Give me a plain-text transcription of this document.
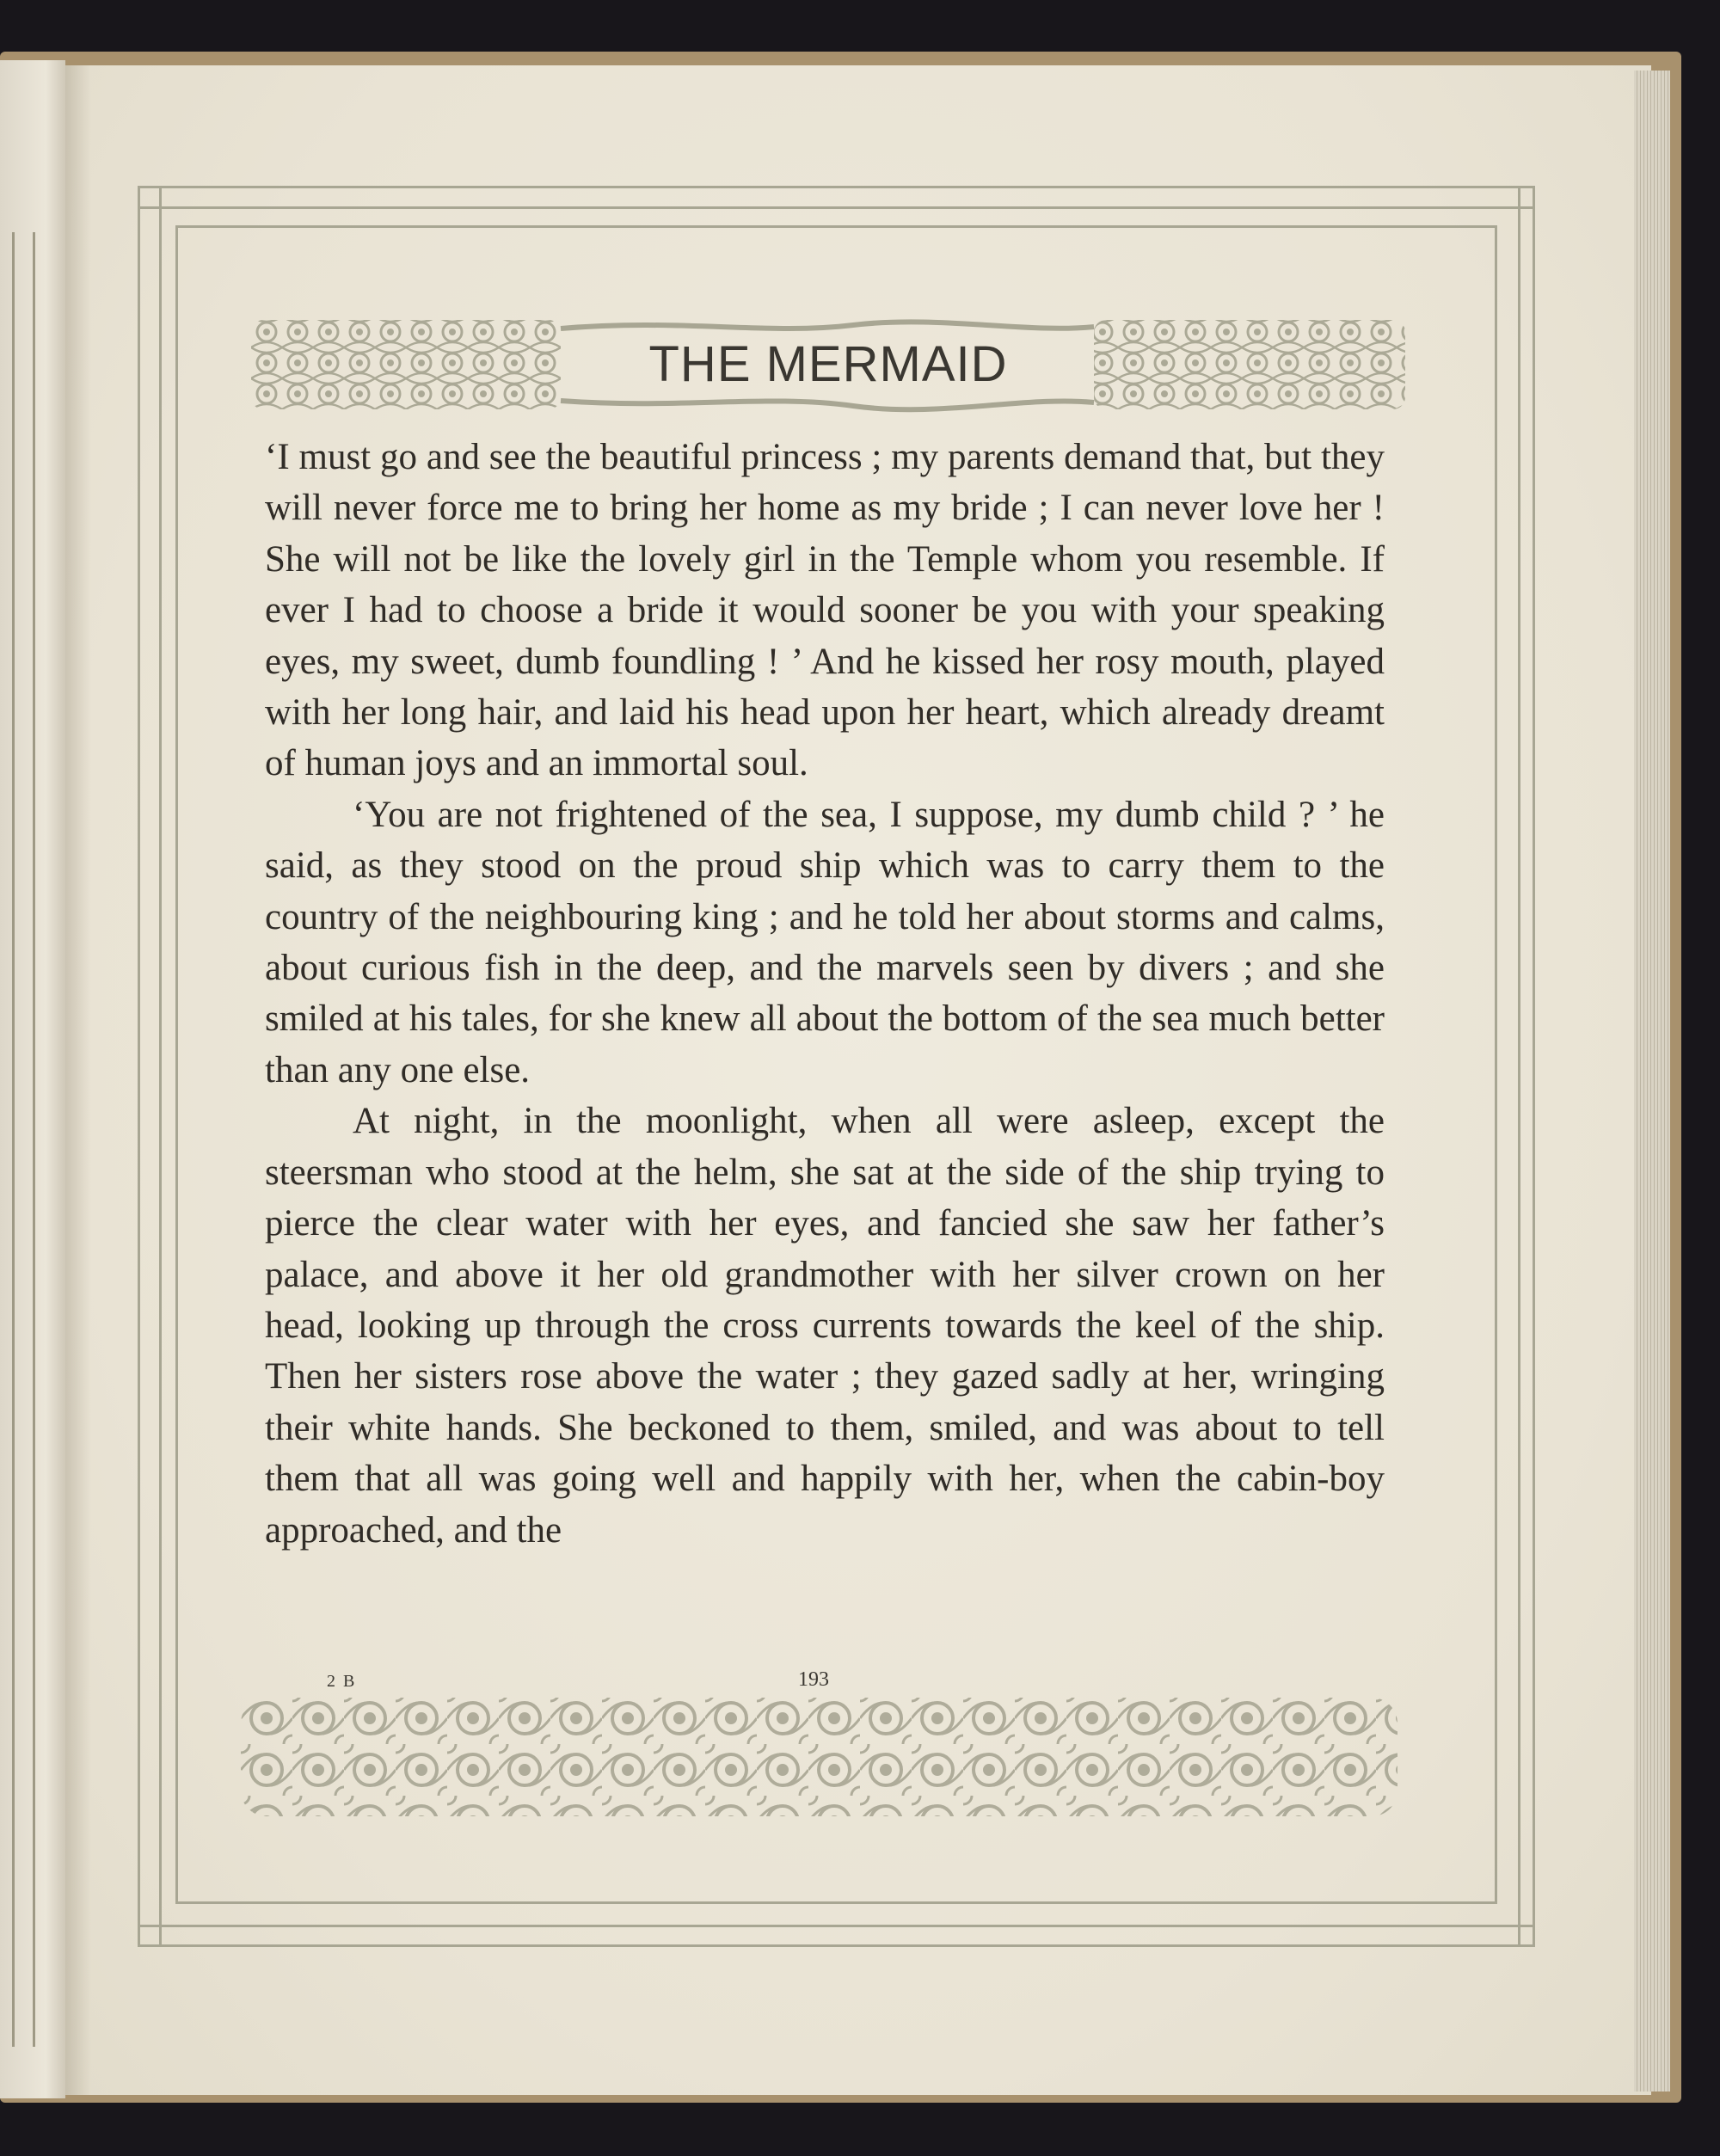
THE MERMAID

‘I must go and see the beautiful princess ; my parents demand that, but they will never force me to bring her home as my bride ; I can never love her ! She will not be like the lovely girl in the Temple whom you resemble. If ever I had to choose a bride it would sooner be you with your speaking eyes, my sweet, dumb foundling ! ’ And he kissed her rosy mouth, played with her long hair, and laid his head upon her heart, which already dreamt of human joys and an immortal soul.

‘You are not frightened of the sea, I suppose, my dumb child ? ’ he said, as they stood on the proud ship which was to carry them to the country of the neighbouring king ; and he told her about storms and calms, about curious fish in the deep, and the marvels seen by divers ; and she smiled at his tales, for she knew all about the bottom of the sea much better than any one else.

At night, in the moonlight, when all were asleep, except the steersman who stood at the helm, she sat at the side of the ship trying to pierce the clear water with her eyes, and fancied she saw her father’s palace, and above it her old grandmother with her silver crown on her head, looking up through the cross currents towards the keel of the ship. Then her sisters rose above the water ; they gazed sadly at her, wringing their white hands. She beckoned to them, smiled, and was about to tell them that all was going well and happily with her, when the cabin-boy approached, and the

2 B	193
